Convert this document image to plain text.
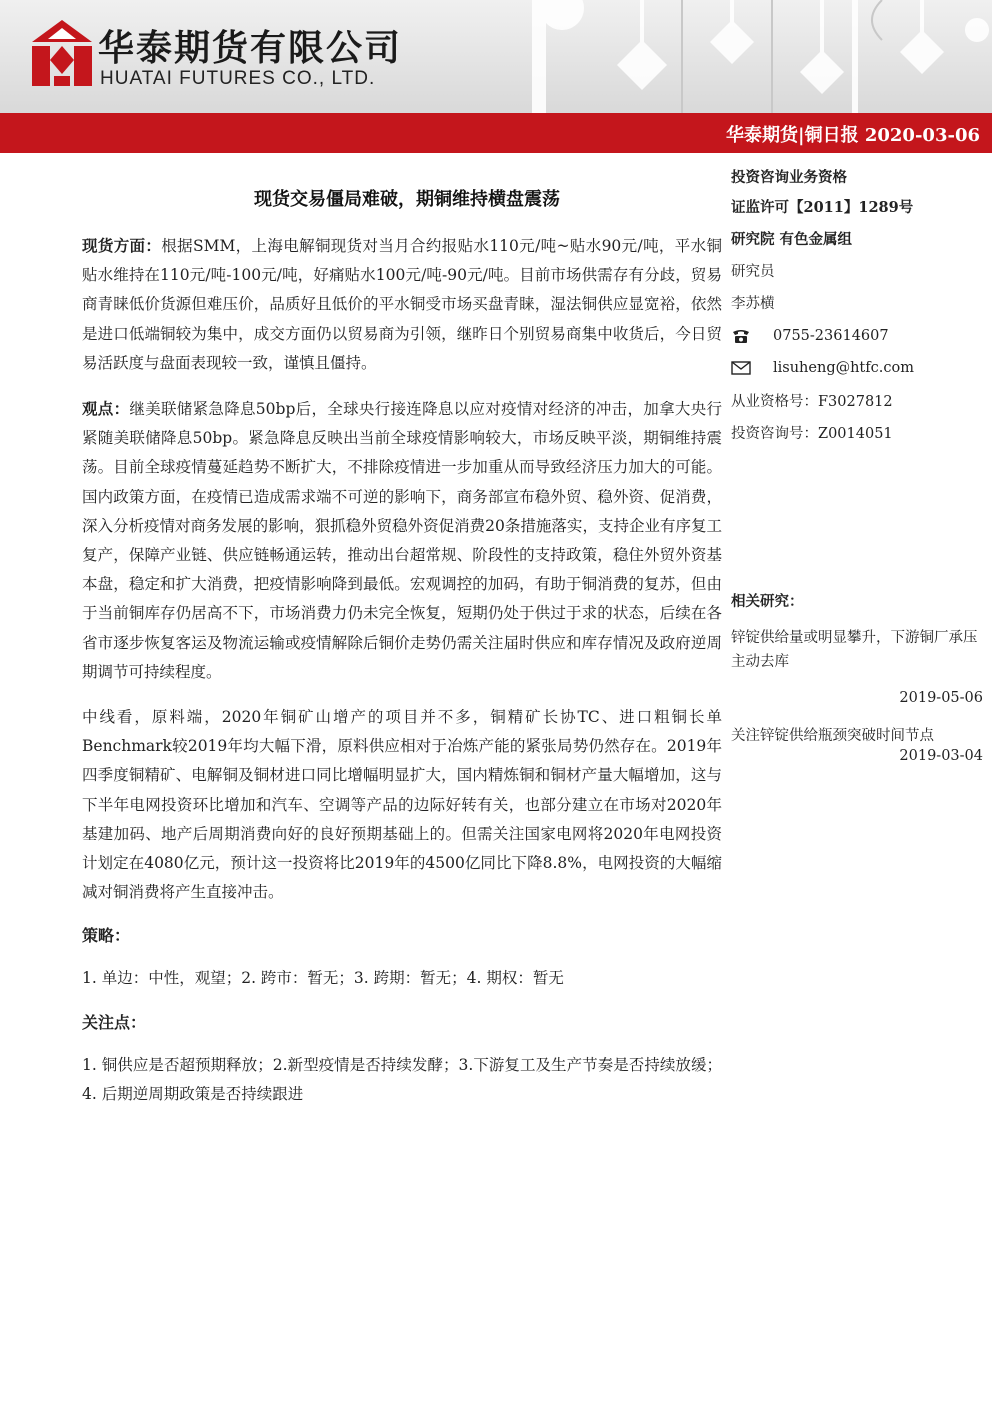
华泰期货有限公司
HUATAI FUTURES CO., LTD.
华泰期货|铜日报 2020-03-06
现货交易僵局难破，期铜维持横盘震荡

现货方面：根据SMM，上海电解铜现货对当月合约报贴水110元/吨~贴水90元/吨，平水铜贴水维持在110元/吨-100元/吨，好痛贴水100元/吨-90元/吨。目前市场供需存有分歧，贸易商青睐低价货源但难压价，品质好且低价的平水铜受市场买盘青睐，湿法铜供应显宽裕，依然是进口低端铜较为集中，成交方面仍以贸易商为引领，继昨日个别贸易商集中收货后，今日贸易活跃度与盘面表现较一致，谨慎且僵持。

观点：继美联储紧急降息50bp后，全球央行接连降息以应对疫情对经济的冲击，加拿大央行紧随美联储降息50bp。紧急降息反映出当前全球疫情影响较大，市场反映平淡，期铜维持震荡。目前全球疫情蔓延趋势不断扩大，不排除疫情进一步加重从而导致经济压力加大的可能。国内政策方面，在疫情已造成需求端不可逆的影响下，商务部宣布稳外贸、稳外资、促消费，深入分析疫情对商务发展的影响，狠抓稳外贸稳外资促消费20条措施落实，支持企业有序复工复产，保障产业链、供应链畅通运转，推动出台超常规、阶段性的支持政策，稳住外贸外资基本盘，稳定和扩大消费，把疫情影响降到最低。宏观调控的加码，有助于铜消费的复苏，但由于当前铜库存仍居高不下，市场消费力仍未完全恢复，短期仍处于供过于求的状态，后续在各省市逐步恢复客运及物流运输或疫情解除后铜价走势仍需关注届时供应和库存情况及政府逆周期调节可持续程度。

中线看，原料端，2020年铜矿山增产的项目并不多，铜精矿长协TC、进口粗铜长单Benchmark较2019年均大幅下滑，原料供应相对于冶炼产能的紧张局势仍然存在。2019年四季度铜精矿、电解铜及铜材进口同比增幅明显扩大，国内精炼铜和铜材产量大幅增加，这与下半年电网投资环比增加和汽车、空调等产品的边际好转有关，也部分建立在市场对2020年基建加码、地产后周期消费向好的良好预期基础上的。但需关注国家电网将2020年电网投资计划定在4080亿元，预计这一投资将比2019年的4500亿同比下降8.8%，电网投资的大幅缩减对铜消费将产生直接冲击。

策略：

1. 单边：中性，观望；2. 跨市：暂无；3. 跨期：暂无；4. 期权：暂无

关注点：

1. 铜供应是否超预期释放；2.新型疫情是否持续发酵；3.下游复工及生产节奏是否持续放缓；4. 后期逆周期政策是否持续跟进

投资咨询业务资格
证监许可【2011】1289号
研究院 有色金属组
研究员
李苏横
0755-23614607
lisuheng@htfc.com
从业资格号：F3027812
投资咨询号：Z0014051
相关研究：
锌锭供给量或明显攀升，下游铜厂承压主动去库
2019-05-06
关注锌锭供给瓶颈突破时间节点
2019-03-04
